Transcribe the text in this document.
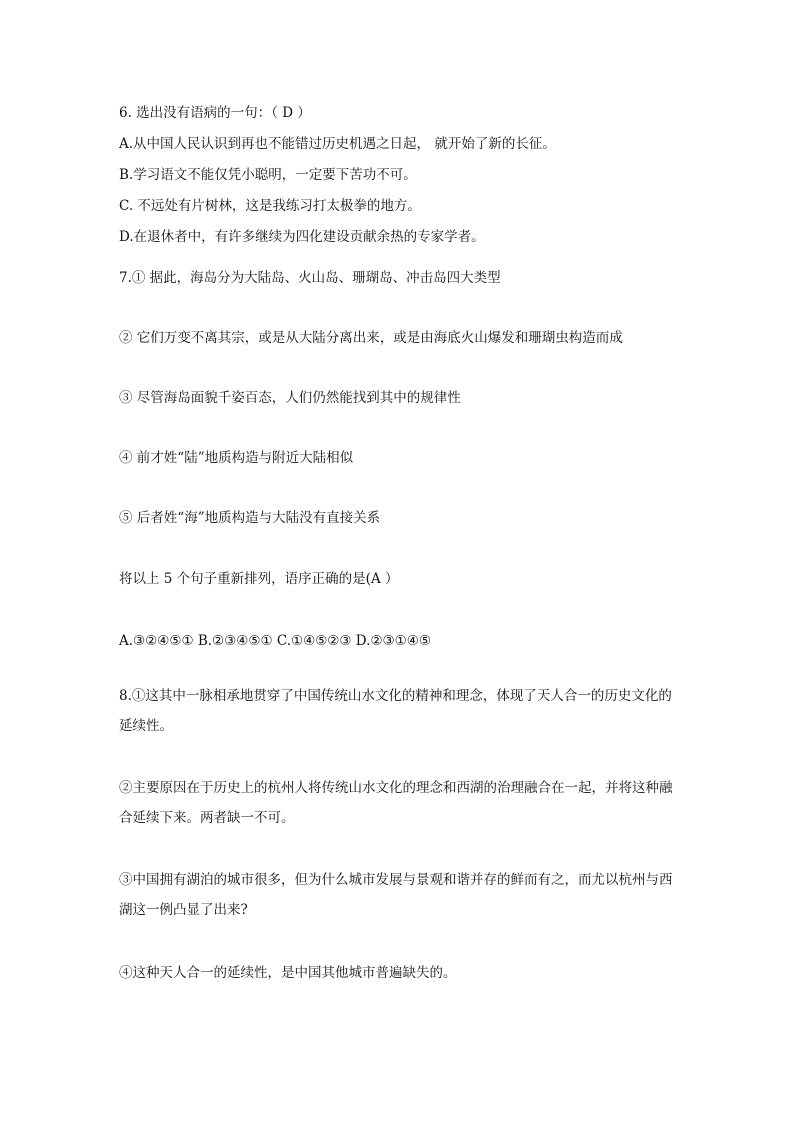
6. 选出没有语病的一句：（ D ）
A.从中国人民认识到再也不能错过历史机遇之日起， 就开始了新的长征。
B.学习语文不能仅凭小聪明，一定要下苦功不可。
C. 不远处有片树林，这是我练习打太极拳的地方。
D.在退休者中，有许多继续为四化建设贡献余热的专家学者。
7.① 据此，海岛分为大陆岛、火山岛、珊瑚岛、冲击岛四大类型
② 它们万变不离其宗，或是从大陆分离出来，或是由海底火山爆发和珊瑚虫构造而成
③ 尽管海岛面貌千姿百态，人们仍然能找到其中的规律性
④ 前才姓“陆”地质构造与附近大陆相似
⑤ 后者姓“海”地质构造与大陆没有直接关系
将以上 5 个句子重新排列，语序正确的是(A ）
A.③②④⑤① B.②③④⑤① C.①④⑤②③ D.②③①④⑤
8.①这其中一脉相承地贯穿了中国传统山水文化的精神和理念，体现了天人合一的历史文化的延续性。
②主要原因在于历史上的杭州人将传统山水文化的理念和西湖的治理融合在一起，并将这种融合延续下来。两者缺一不可。
③中国拥有湖泊的城市很多，但为什么城市发展与景观和谐并存的鲜而有之，而尤以杭州与西湖这一例凸显了出来?
④这种天人合一的延续性，是中国其他城市普遍缺失的。
